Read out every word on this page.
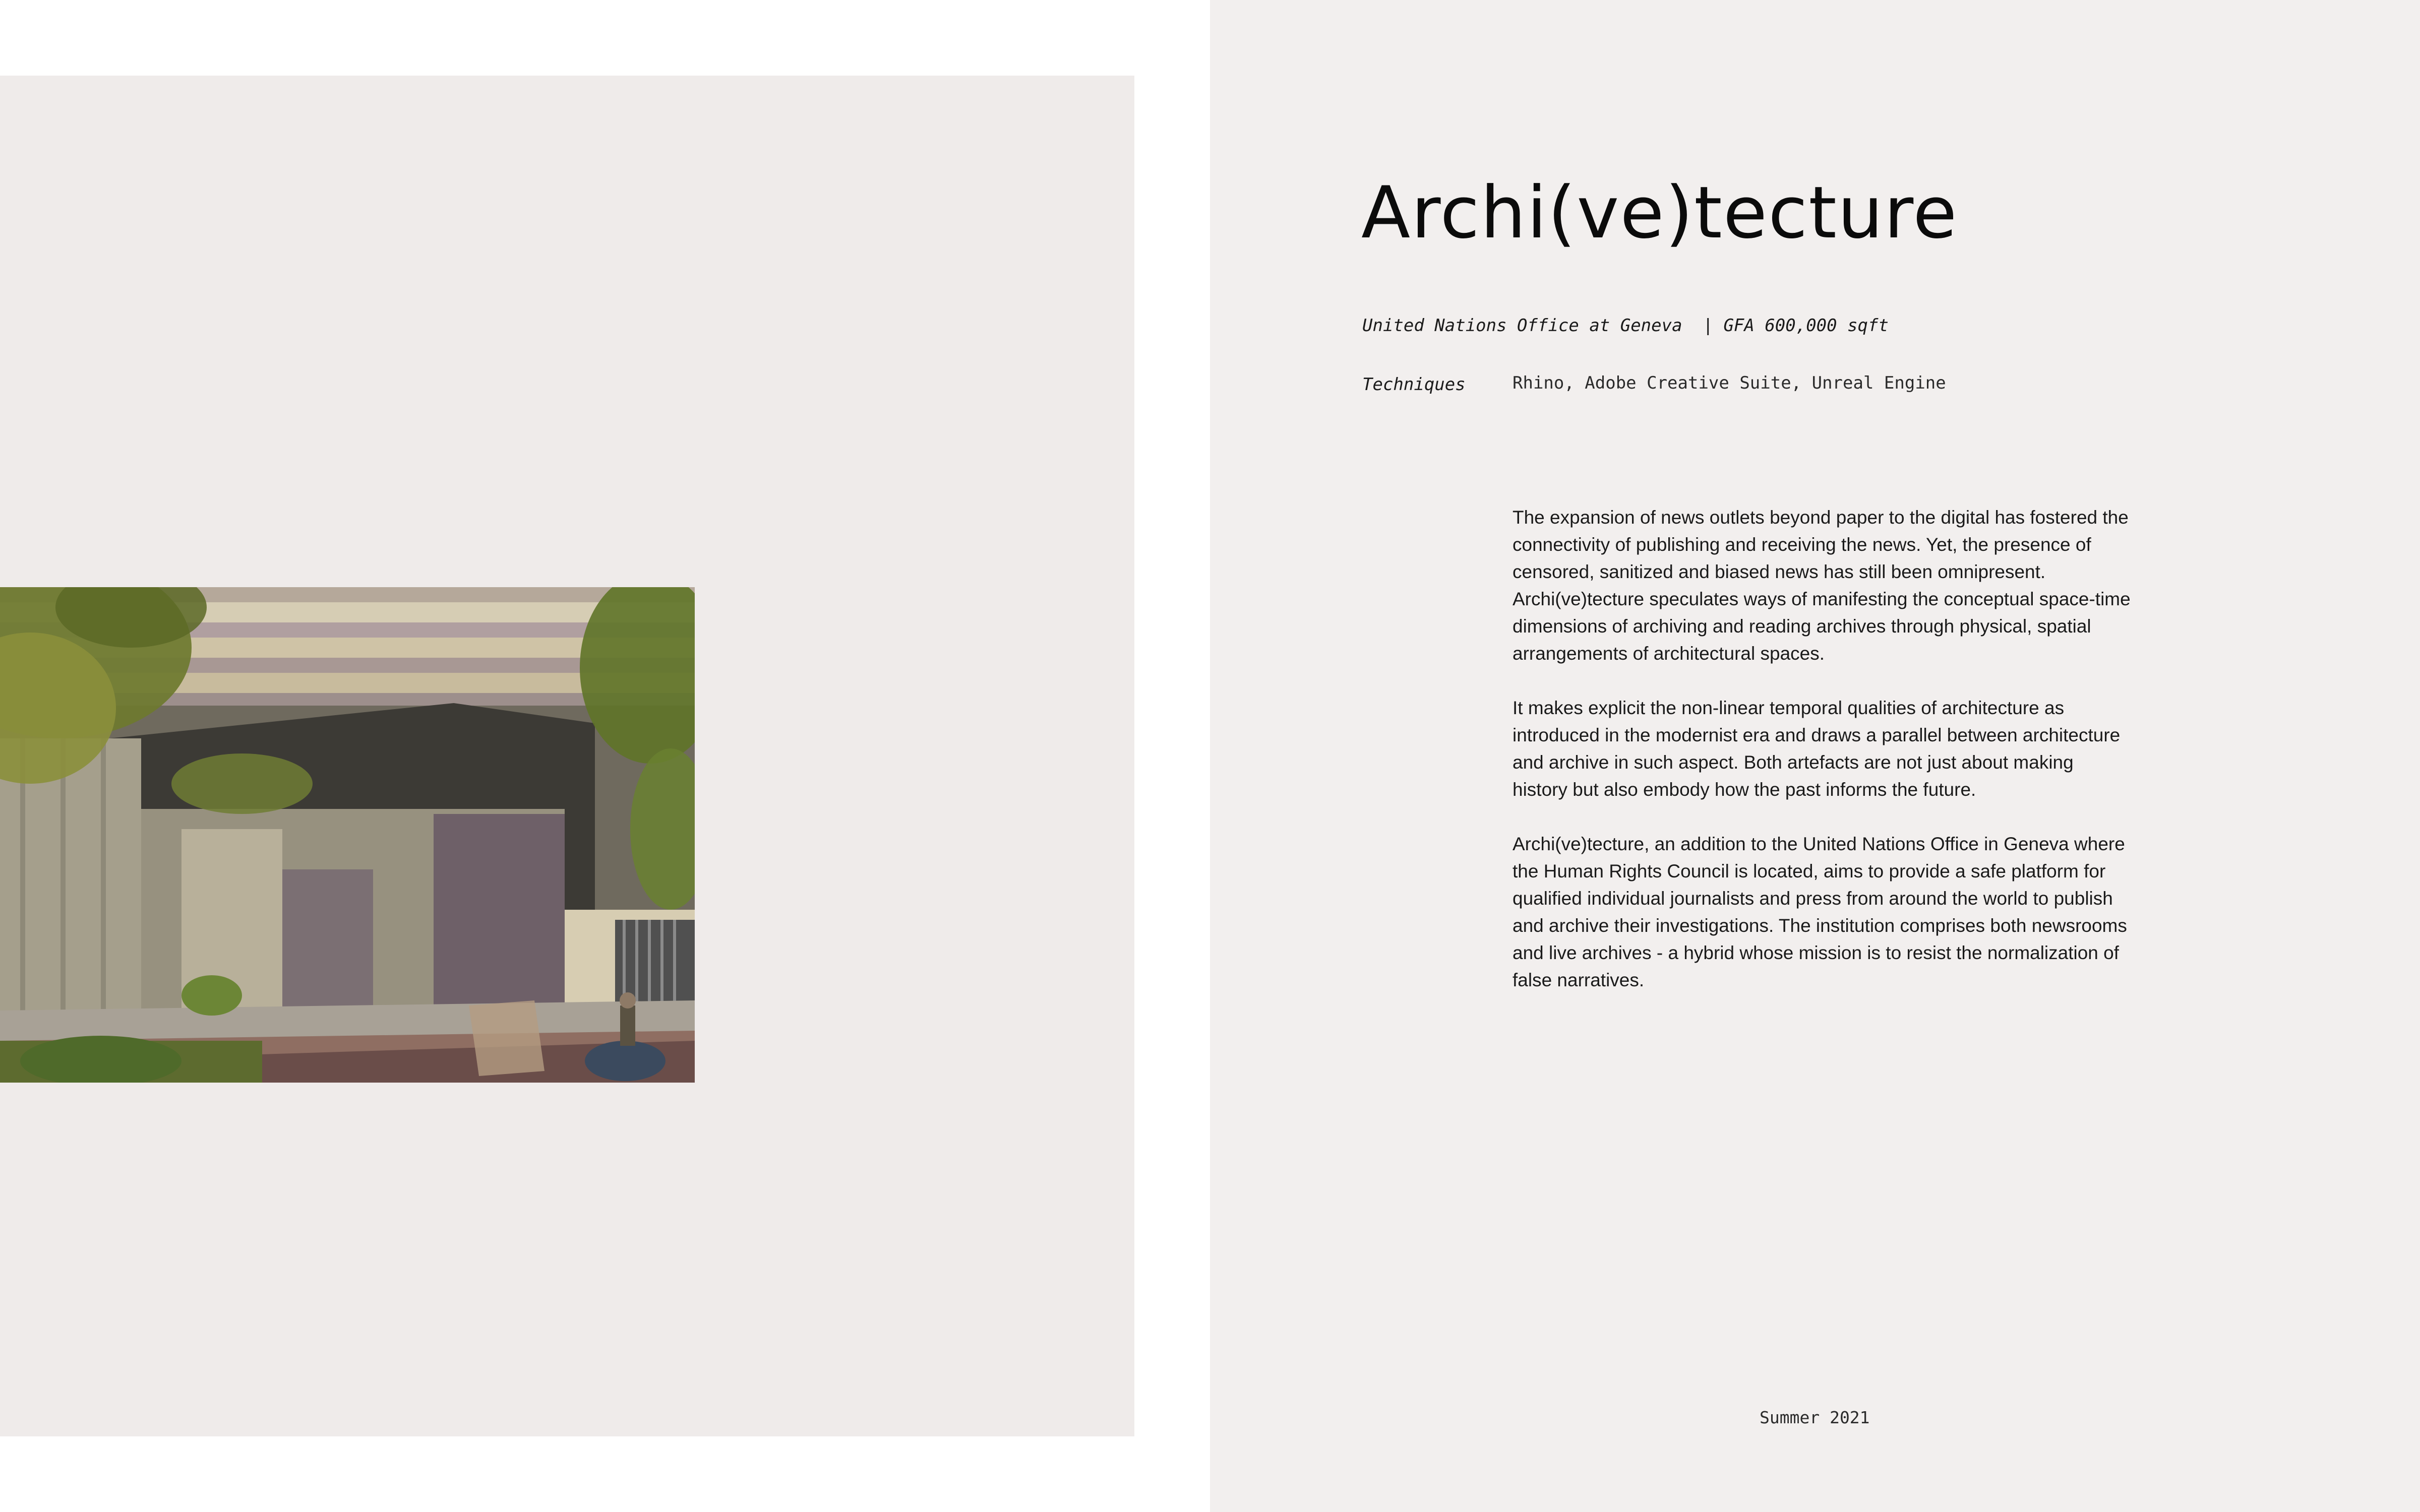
Archi(ve)tecture
United Nations Office at Geneva  | GFA 600,000 sqft
Techniques	Rhino, Adobe Creative Suite, Unreal Engine

The expansion of news outlets beyond paper to the digital has fostered the connectivity of publishing and receiving the news. Yet, the presence of censored, sanitized and biased news has still been omnipresent. Archi(ve)tecture speculates ways of manifesting the conceptual space-time dimensions of archiving and reading archives through physical, spatial arrangements of architectural spaces.

It makes explicit the non-linear temporal qualities of architecture as introduced in the modernist era and draws a parallel between architecture and archive in such aspect. Both artefacts are not just about making history but also embody how the past informs the future.

Archi(ve)tecture, an addition to the United Nations Office in Geneva where the Human Rights Council is located, aims to provide a safe platform for qualified individual journalists and press from around the world to publish and archive their investigations. The institution comprises both newsrooms and live archives - a hybrid whose mission is to resist the normalization of false narratives.

Summer 2021
